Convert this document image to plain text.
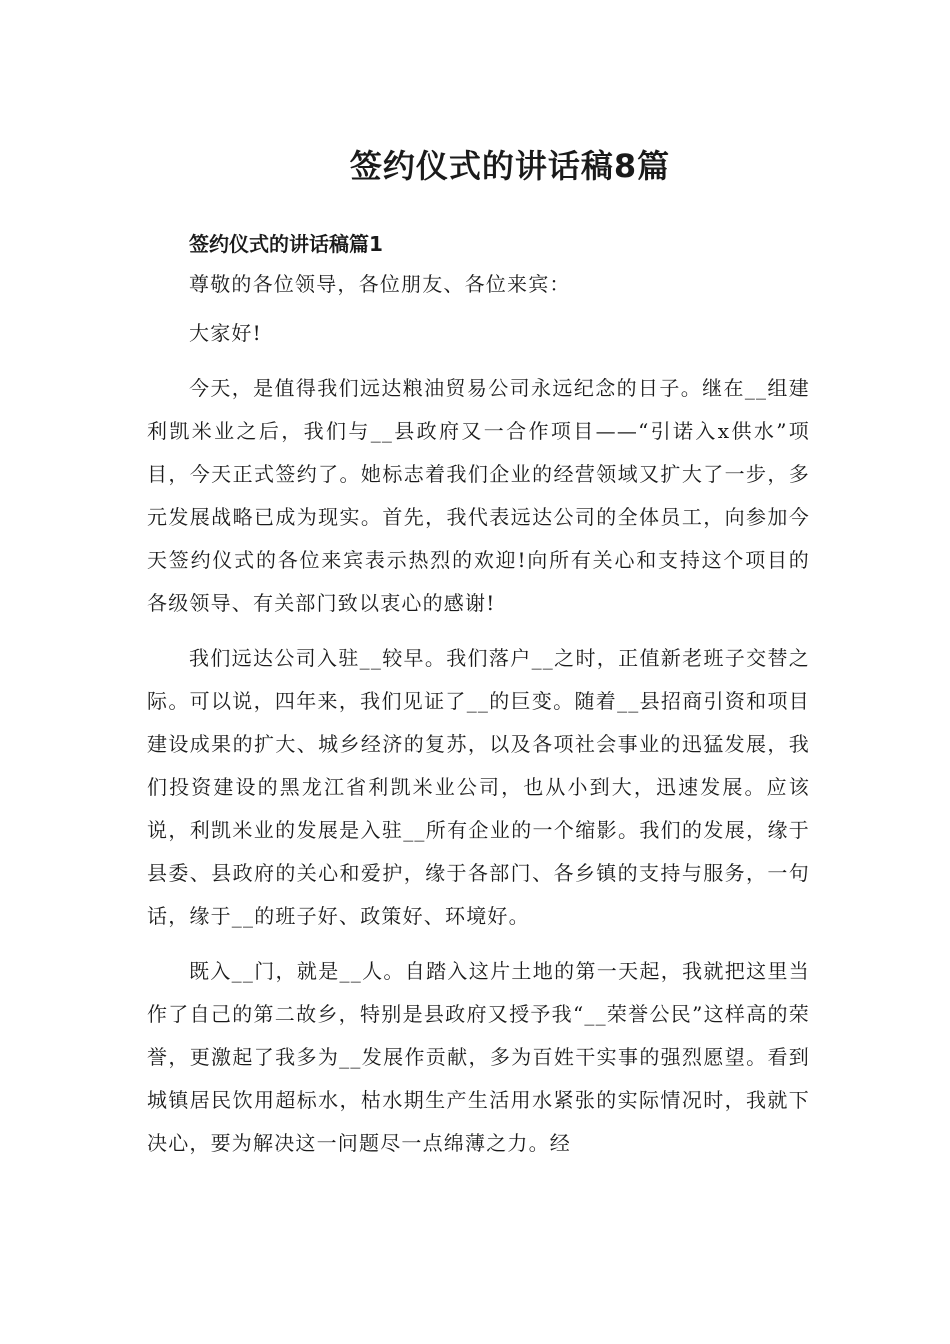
签约仪式的讲话稿8篇
签约仪式的讲话稿篇1

尊敬的各位领导，各位朋友、各位来宾：

大家好!

今天，是值得我们远达粮油贸易公司永远纪念的日子。继在__组建利凯米业之后，我们与__县政府又一合作项目——“引诺入x供水”项目，今天正式签约了。她标志着我们企业的经营领域又扩大了一步，多元发展战略已成为现实。首先，我代表远达公司的全体员工，向参加今天签约仪式的各位来宾表示热烈的欢迎!向所有关心和支持这个项目的各级领导、有关部门致以衷心的感谢!

我们远达公司入驻__较早。我们落户__之时，正值新老班子交替之际。可以说，四年来，我们见证了__的巨变。随着__县招商引资和项目建设成果的扩大、城乡经济的复苏，以及各项社会事业的迅猛发展，我们投资建设的黑龙江省利凯米业公司，也从小到大，迅速发展。应该说，利凯米业的发展是入驻__所有企业的一个缩影。我们的发展，缘于县委、县政府的关心和爱护，缘于各部门、各乡镇的支持与服务，一句话，缘于__的班子好、政策好、环境好。

既入__门，就是__人。自踏入这片土地的第一天起，我就把这里当作了自己的第二故乡，特别是县政府又授予我“__荣誉公民”这样高的荣誉，更激起了我多为__发展作贡献，多为百姓干实事的强烈愿望。看到城镇居民饮用超标水，枯水期生产生活用水紧张的实际情况时，我就下决心，要为解决这一问题尽一点绵薄之力。经
